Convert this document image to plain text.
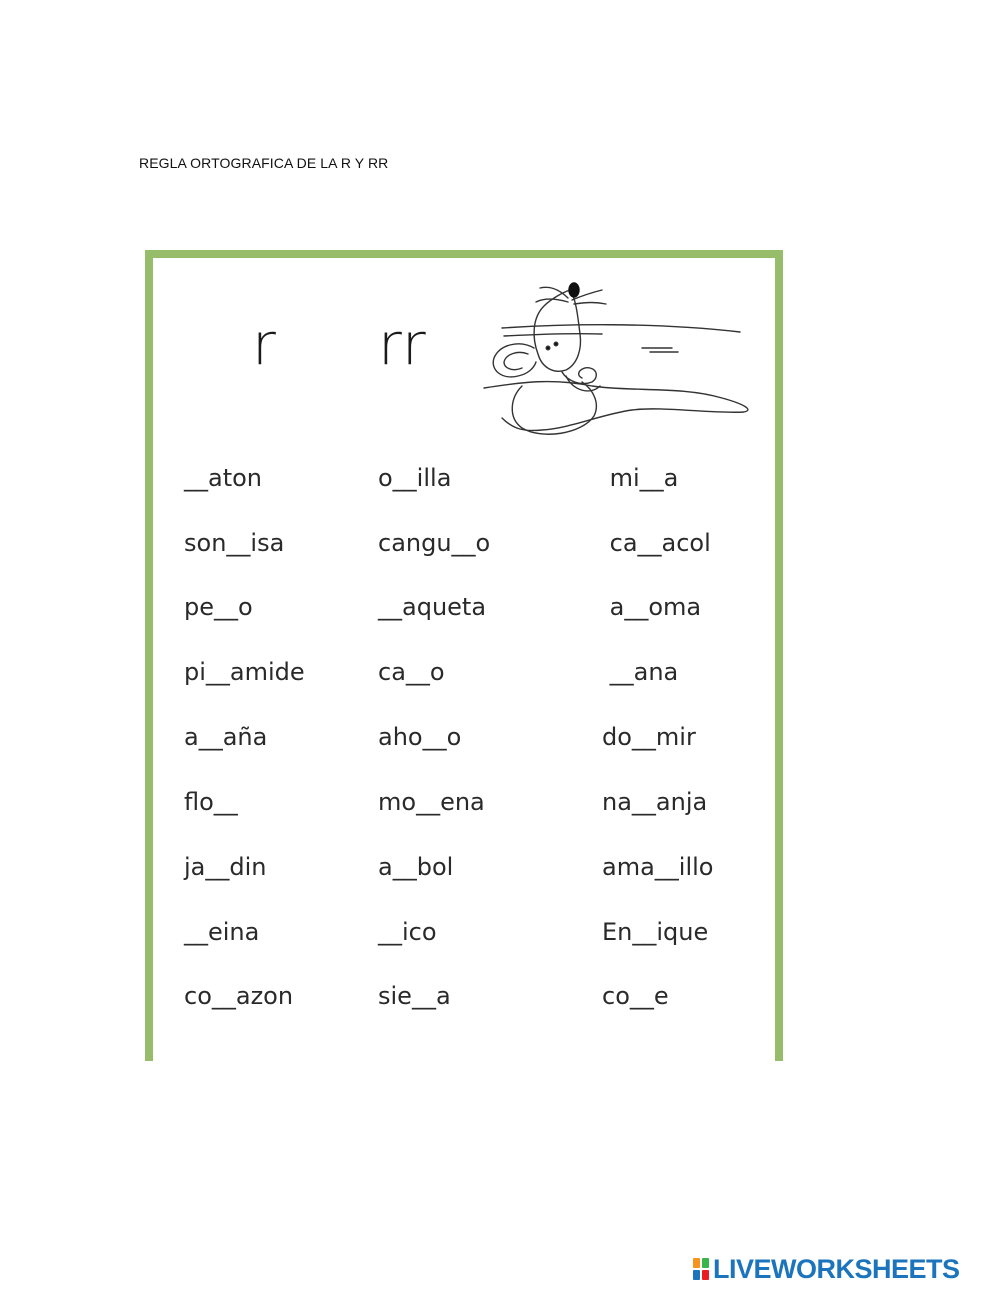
REGLA ORTOGRAFICA DE LA R Y RR
r rr
__aton
son__isa
pe__o
pi__amide
a__aña
flo__
ja__din
__eina
co__azon
o__illa
cangu__o
__aqueta
ca__o
aho__o
mo__ena
a__bol
__ico
sie__a
mi__a
ca__acol
a__oma
__ana
do__mir
na__anja
ama__illo
En__ique
co__e
LIVEWORKSHEETS
